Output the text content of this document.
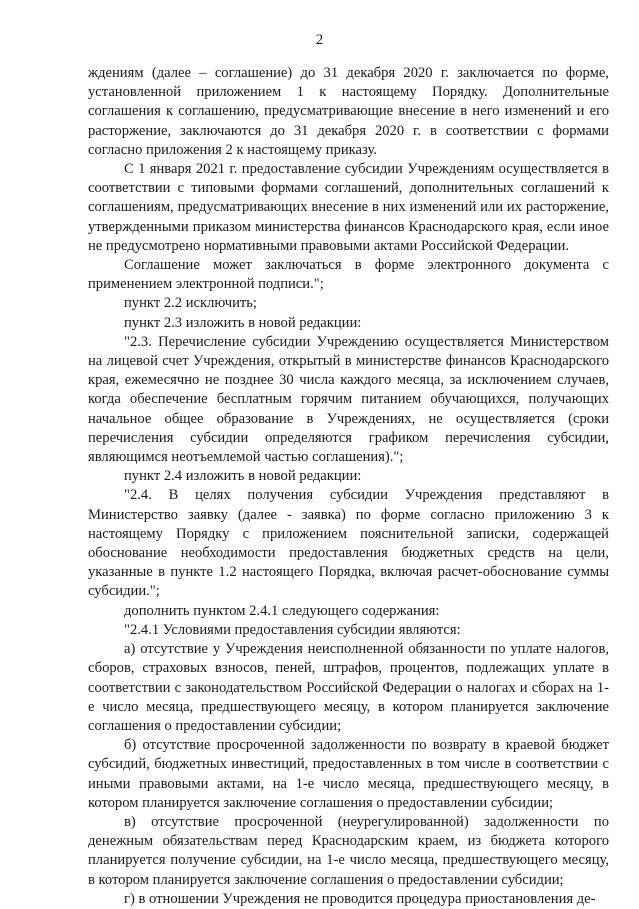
2

ждениям (далее – соглашение) до 31 декабря 2020 г. заключается по форме, установленной приложением 1 к настоящему Порядку. Дополнительные соглашения к соглашению, предусматривающие внесение в него изменений и его расторжение, заключаются до 31 декабря 2020 г. в соответствии с формами согласно приложения 2 к настоящему приказу.

С 1 января 2021 г. предоставление субсидии Учреждениям осуществляется в соответствии с типовыми формами соглашений, дополнительных соглашений к соглашениям, предусматривающих внесение в них изменений или их расторжение, утвержденными приказом министерства финансов Краснодарского края, если иное не предусмотрено нормативными правовыми актами Российской Федерации.

Соглашение может заключаться в форме электронного документа с применением электронной подписи.";

пункт 2.2 исключить;

пункт 2.3 изложить в новой редакции:

"2.3. Перечисление субсидии Учреждению осуществляется Министерством на лицевой счет Учреждения, открытый в министерстве финансов Краснодарского края, ежемесячно не позднее 30 числа каждого месяца, за исключением случаев, когда обеспечение бесплатным горячим питанием обучающихся, получающих начальное общее образование в Учреждениях, не осуществляется (сроки перечисления субсидии определяются графиком перечисления субсидии, являющимся неотъемлемой частью соглашения).";

пункт 2.4 изложить в новой редакции:

"2.4. В целях получения субсидии Учреждения представляют в Министерство заявку (далее - заявка) по форме согласно приложению 3 к настоящему Порядку с приложением пояснительной записки, содержащей обоснование необходимости предоставления бюджетных средств на цели, указанные в пункте 1.2 настоящего Порядка, включая расчет-обоснование суммы субсидии.";

дополнить пунктом 2.4.1 следующего содержания:

"2.4.1 Условиями предоставления субсидии являются:

а) отсутствие у Учреждения неисполненной обязанности по уплате налогов, сборов, страховых взносов, пеней, штрафов, процентов, подлежащих уплате в соответствии с законодательством Российской Федерации о налогах и сборах на 1-е число месяца, предшествующего месяцу, в котором планируется заключение соглашения о предоставлении субсидии;

б) отсутствие просроченной задолженности по возврату в краевой бюджет субсидий, бюджетных инвестиций, предоставленных в том числе в соответствии с иными правовыми актами, на 1-е число месяца, предшествующего месяцу, в котором планируется заключение соглашения о предоставлении субсидии;

в) отсутствие просроченной (неурегулированной) задолженности по денежным обязательствам перед Краснодарским краем, из бюджета которого планируется получение субсидии, на 1-е число месяца, предшествующего месяцу, в котором планируется заключение соглашения о предоставлении субсидии;

г) в отношении Учреждения не проводится процедура приостановления де-
